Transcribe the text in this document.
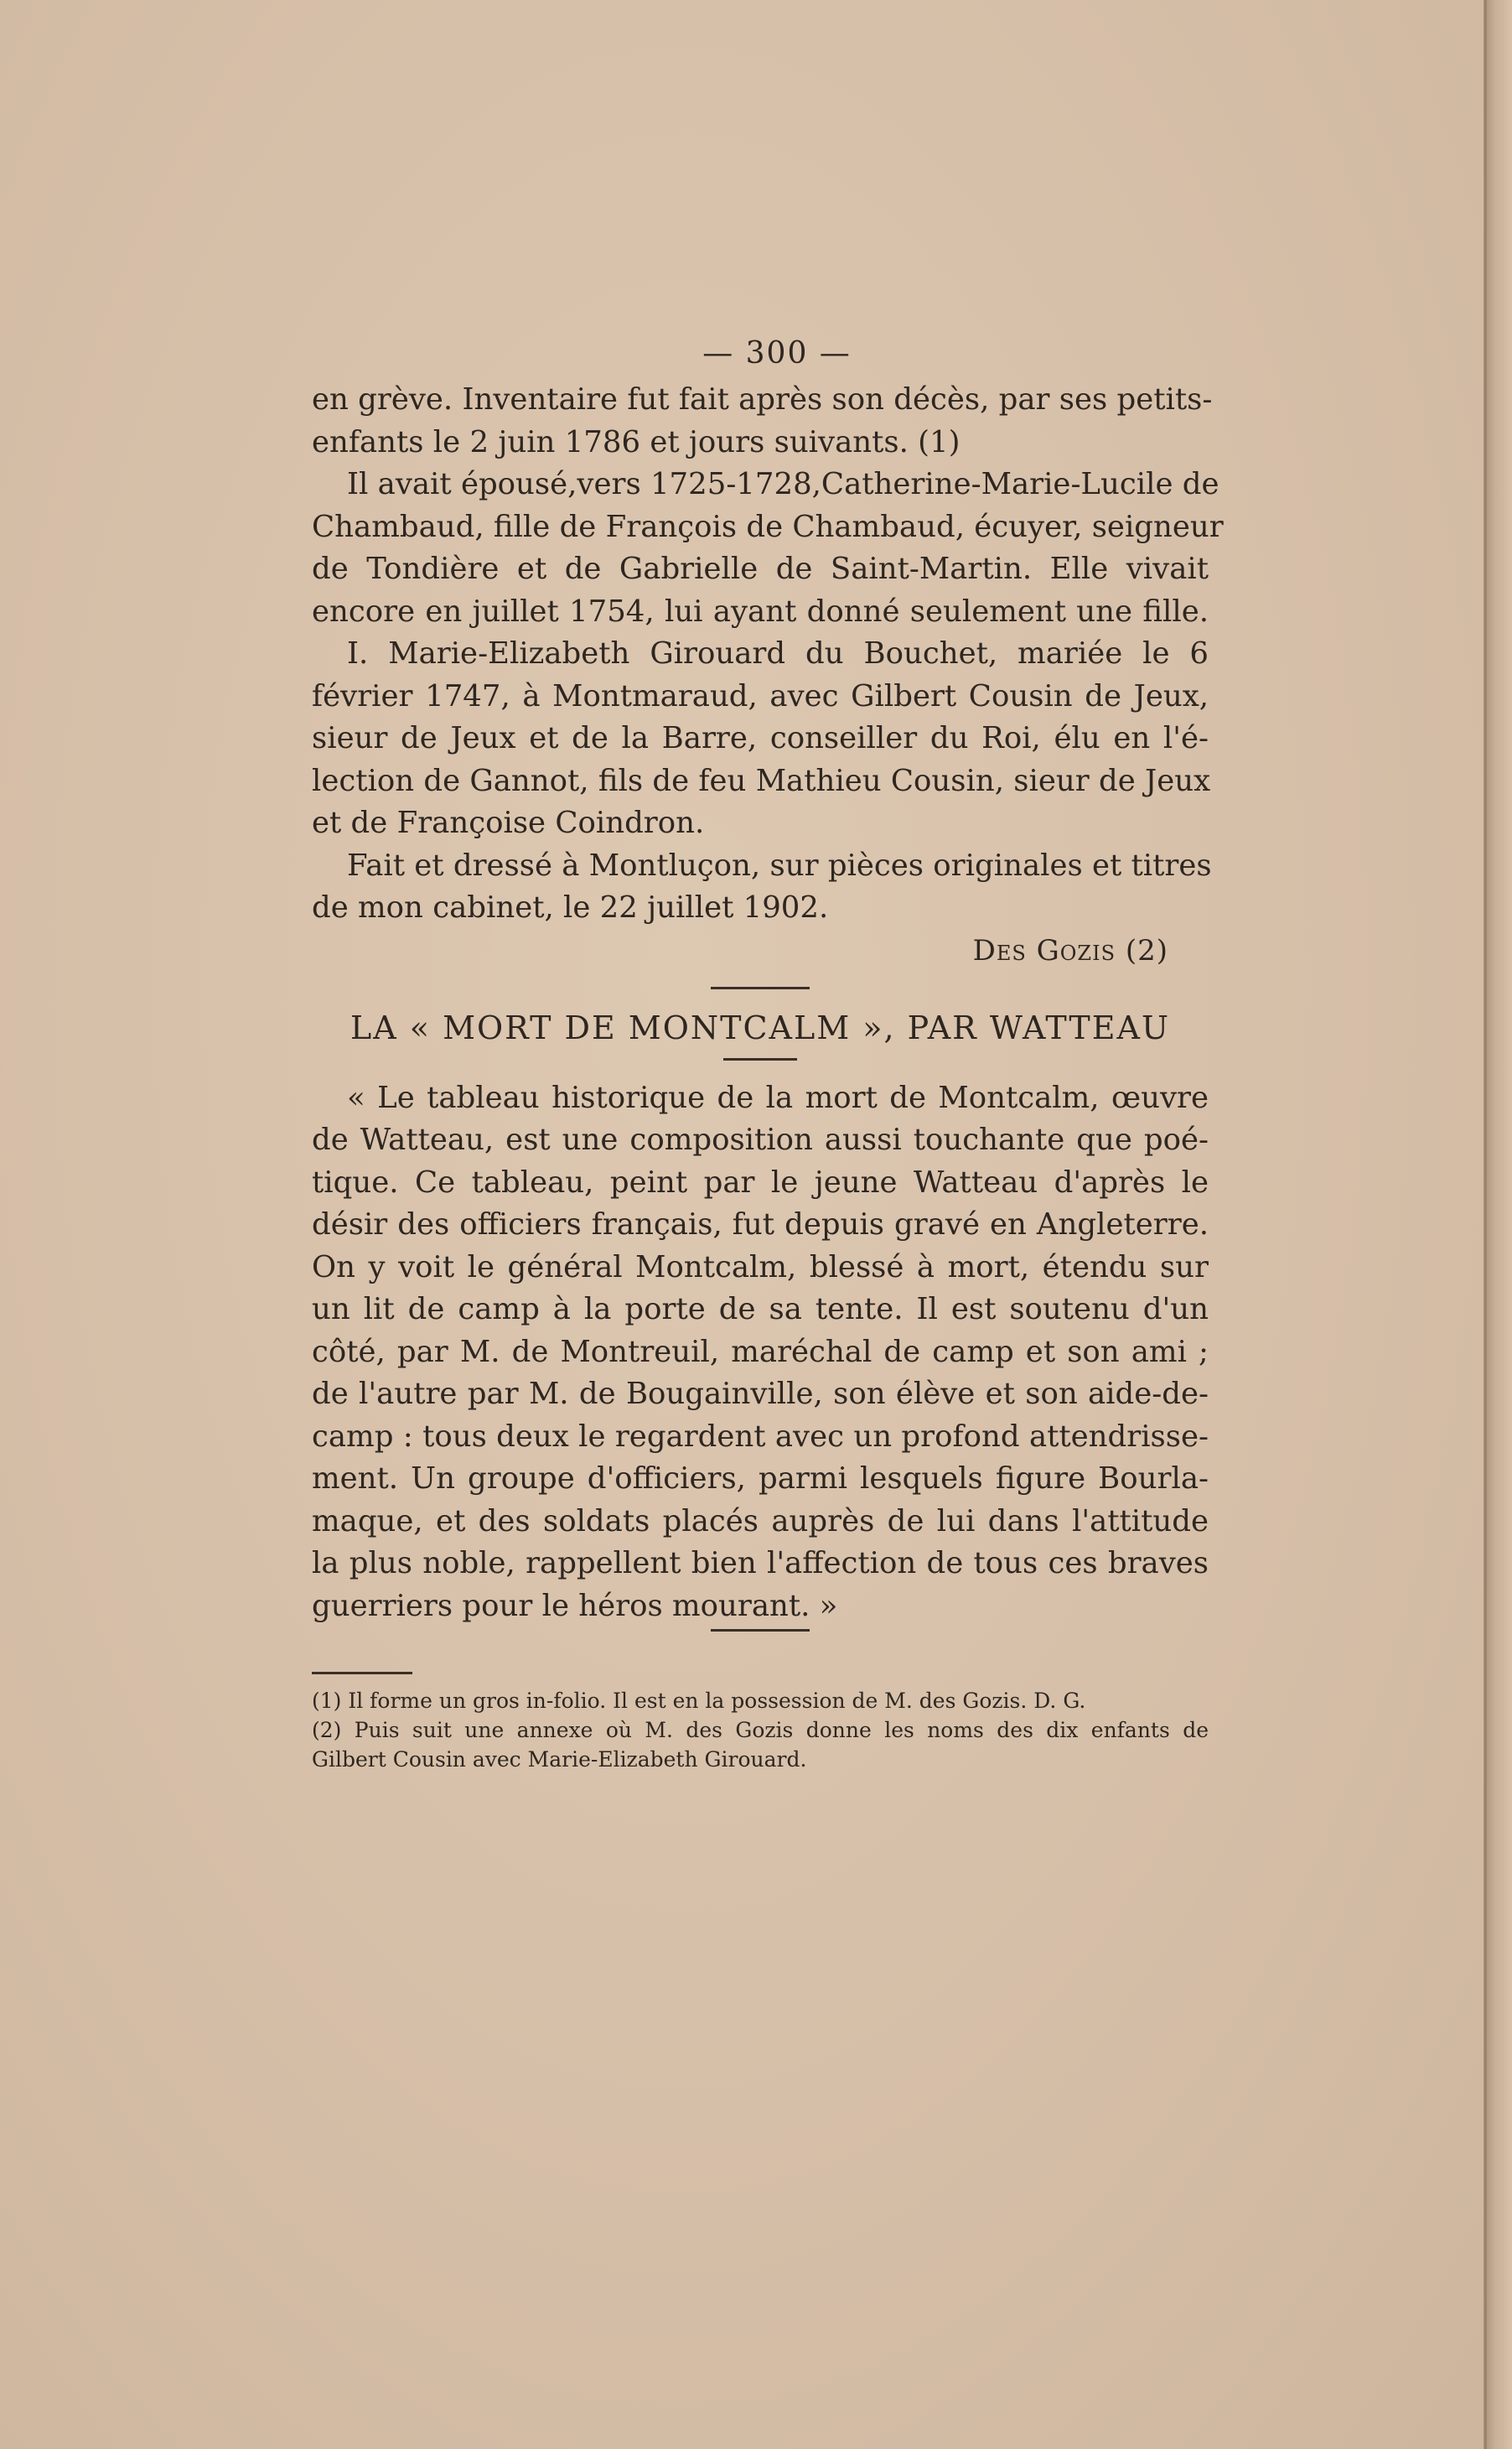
— 300 —
en grève. Inventaire fut fait après son décès, par ses petits-
enfants le 2 juin 1786 et jours suivants. (1)
Il avait épousé,vers 1725-1728,Catherine-Marie-Lucile de
Chambaud, fille de François de Chambaud, écuyer, seigneur
de Tondière et de Gabrielle de Saint-Martin. Elle vivait
encore en juillet 1754, lui ayant donné seulement une fille.
I. Marie-Elizabeth Girouard du Bouchet, mariée le 6
février 1747, à Montmaraud, avec Gilbert Cousin de Jeux,
sieur de Jeux et de la Barre, conseiller du Roi, élu en l'é-
lection de Gannot, fils de feu Mathieu Cousin, sieur de Jeux
et de Françoise Coindron.
Fait et dressé à Montluçon, sur pièces originales et titres
de mon cabinet, le 22 juillet 1902.
Des Gozis (2)
LA « MORT DE MONTCALM », PAR WATTEAU
« Le tableau historique de la mort de Montcalm, œuvre
de Watteau, est une composition aussi touchante que poé-
tique. Ce tableau, peint par le jeune Watteau d'après le
désir des officiers français, fut depuis gravé en Angleterre.
On y voit le général Montcalm, blessé à mort, étendu sur
un lit de camp à la porte de sa tente. Il est soutenu d'un
côté, par M. de Montreuil, maréchal de camp et son ami ;
de l'autre par M. de Bougainville, son élève et son aide-de-
camp : tous deux le regardent avec un profond attendrisse-
ment. Un groupe d'officiers, parmi lesquels figure Bourla-
maque, et des soldats placés auprès de lui dans l'attitude
la plus noble, rappellent bien l'affection de tous ces braves
guerriers pour le héros mourant. »
(1) Il forme un gros in-folio. Il est en la possession de M. des Gozis. D. G.
(2) Puis suit une annexe où M. des Gozis donne les noms des dix enfants de
Gilbert Cousin avec Marie-Elizabeth Girouard.
